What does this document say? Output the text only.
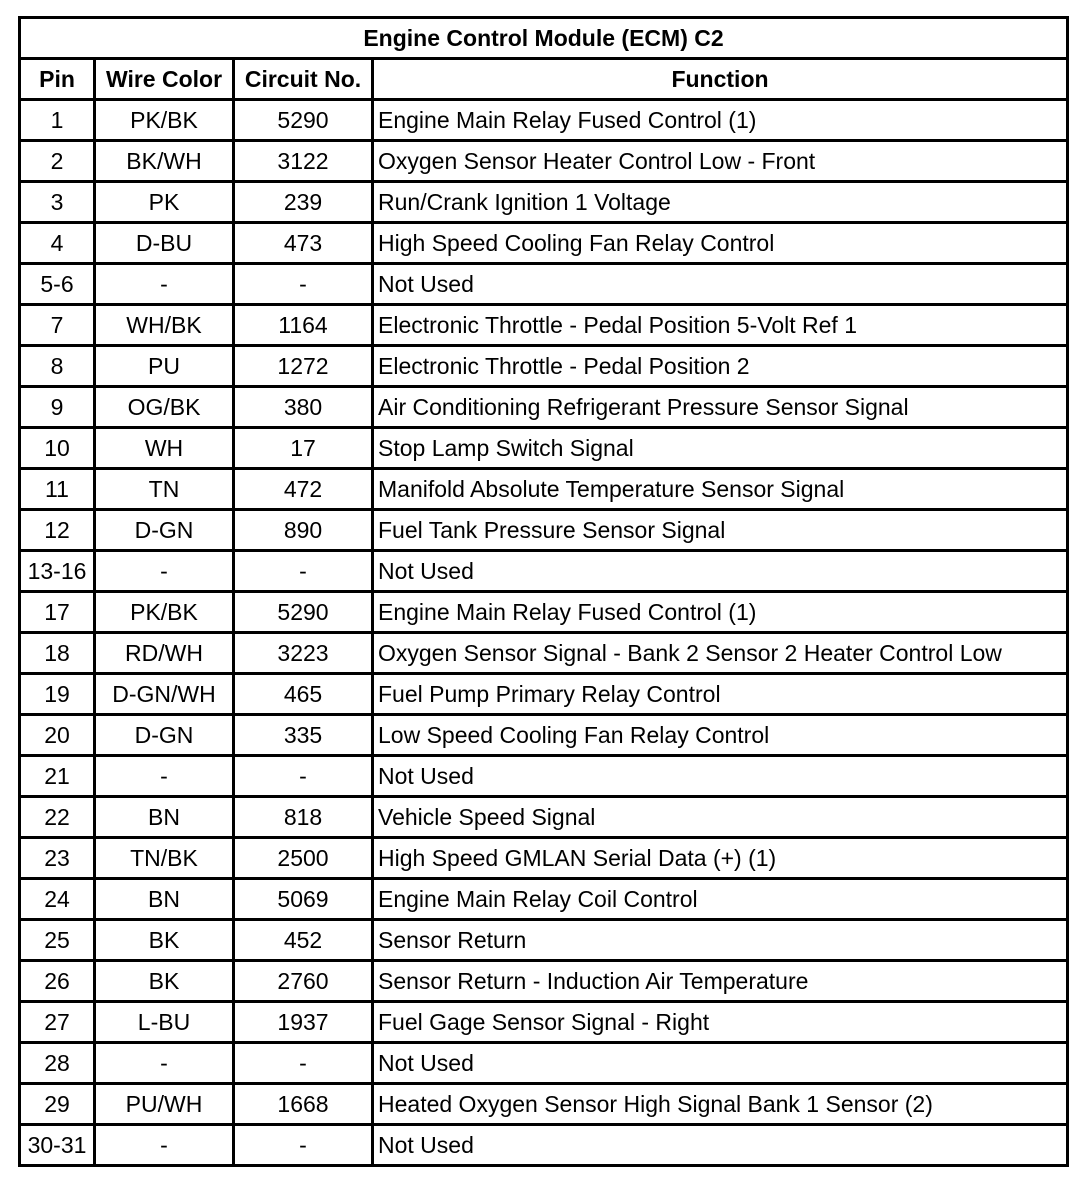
Engine Control Module (ECM) C2			
Pin	Wire Color	Circuit No.	Function
1	PK/BK	5290	Engine Main Relay Fused Control (1)
2	BK/WH	3122	Oxygen Sensor Heater Control Low - Front
3	PK	239	Run/Crank Ignition 1 Voltage
4	D-BU	473	High Speed Cooling Fan Relay Control
5-6	-	-	Not Used
7	WH/BK	1164	Electronic Throttle - Pedal Position 5-Volt Ref 1
8	PU	1272	Electronic Throttle - Pedal Position 2
9	OG/BK	380	Air Conditioning Refrigerant Pressure Sensor Signal
10	WH	17	Stop Lamp Switch Signal
11	TN	472	Manifold Absolute Temperature Sensor Signal
12	D-GN	890	Fuel Tank Pressure Sensor Signal
13-16	-	-	Not Used
17	PK/BK	5290	Engine Main Relay Fused Control (1)
18	RD/WH	3223	Oxygen Sensor Signal - Bank 2 Sensor 2 Heater Control Low
19	D-GN/WH	465	Fuel Pump Primary Relay Control
20	D-GN	335	Low Speed Cooling Fan Relay Control
21	-	-	Not Used
22	BN	818	Vehicle Speed Signal
23	TN/BK	2500	High Speed GMLAN Serial Data (+) (1)
24	BN	5069	Engine Main Relay Coil Control
25	BK	452	Sensor Return
26	BK	2760	Sensor Return - Induction Air Temperature
27	L-BU	1937	Fuel Gage Sensor Signal - Right
28	-	-	Not Used
29	PU/WH	1668	Heated Oxygen Sensor High Signal Bank 1 Sensor (2)
30-31	-	-	Not Used
